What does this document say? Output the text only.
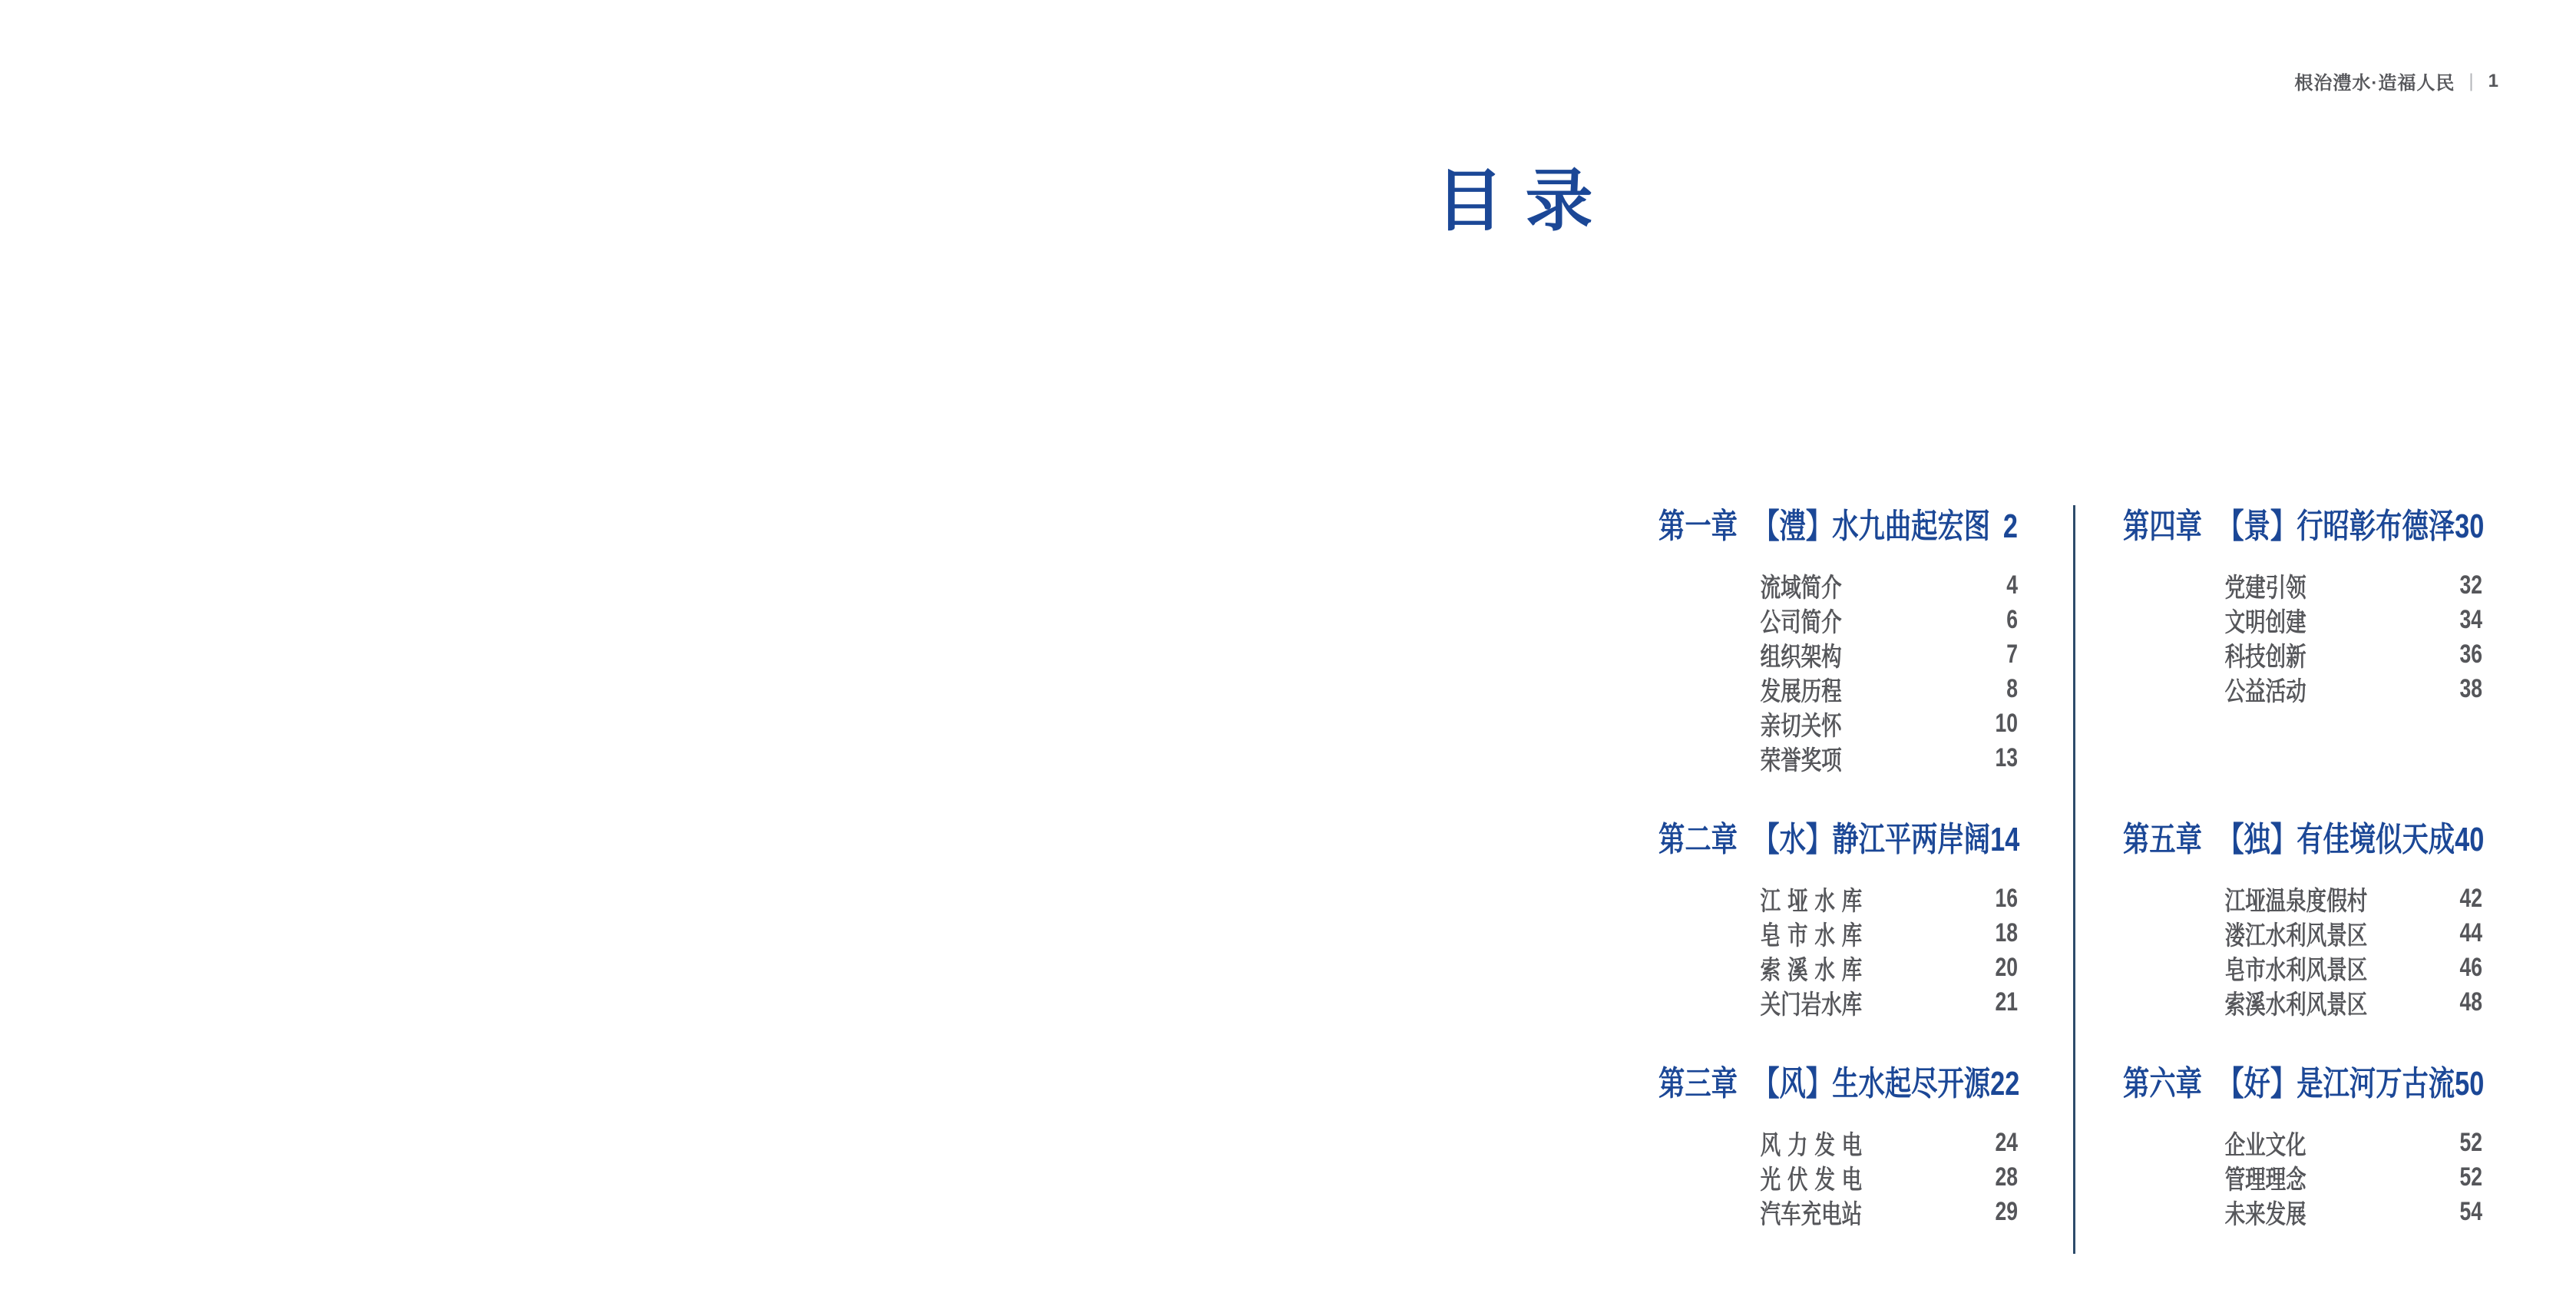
根治澧水·造福人民 | 1
目 录
第一章 【澧】水九曲起宏图 2
流域简介	4
公司简介	6
组织架构	7
发展历程	8
亲切关怀	10
荣誉奖项	13
第二章 【水】静江平两岸阔 14
江垭水库	16
皂市水库	18
索溪水库	20
关门岩水库	21
第三章 【风】生水起尽开源 22
风力发电	24
光伏发电	28
汽车充电站	29
第四章 【景】行昭彰布德泽 30
党建引领	32
文明创建	34
科技创新	36
公益活动	38
第五章 【独】有佳境似天成 40
江垭温泉度假村	42
溇江水利风景区	44
皂市水利风景区	46
索溪水利风景区	48
第六章 【好】是江河万古流 50
企业文化	52
管理理念	52
未来发展	54
